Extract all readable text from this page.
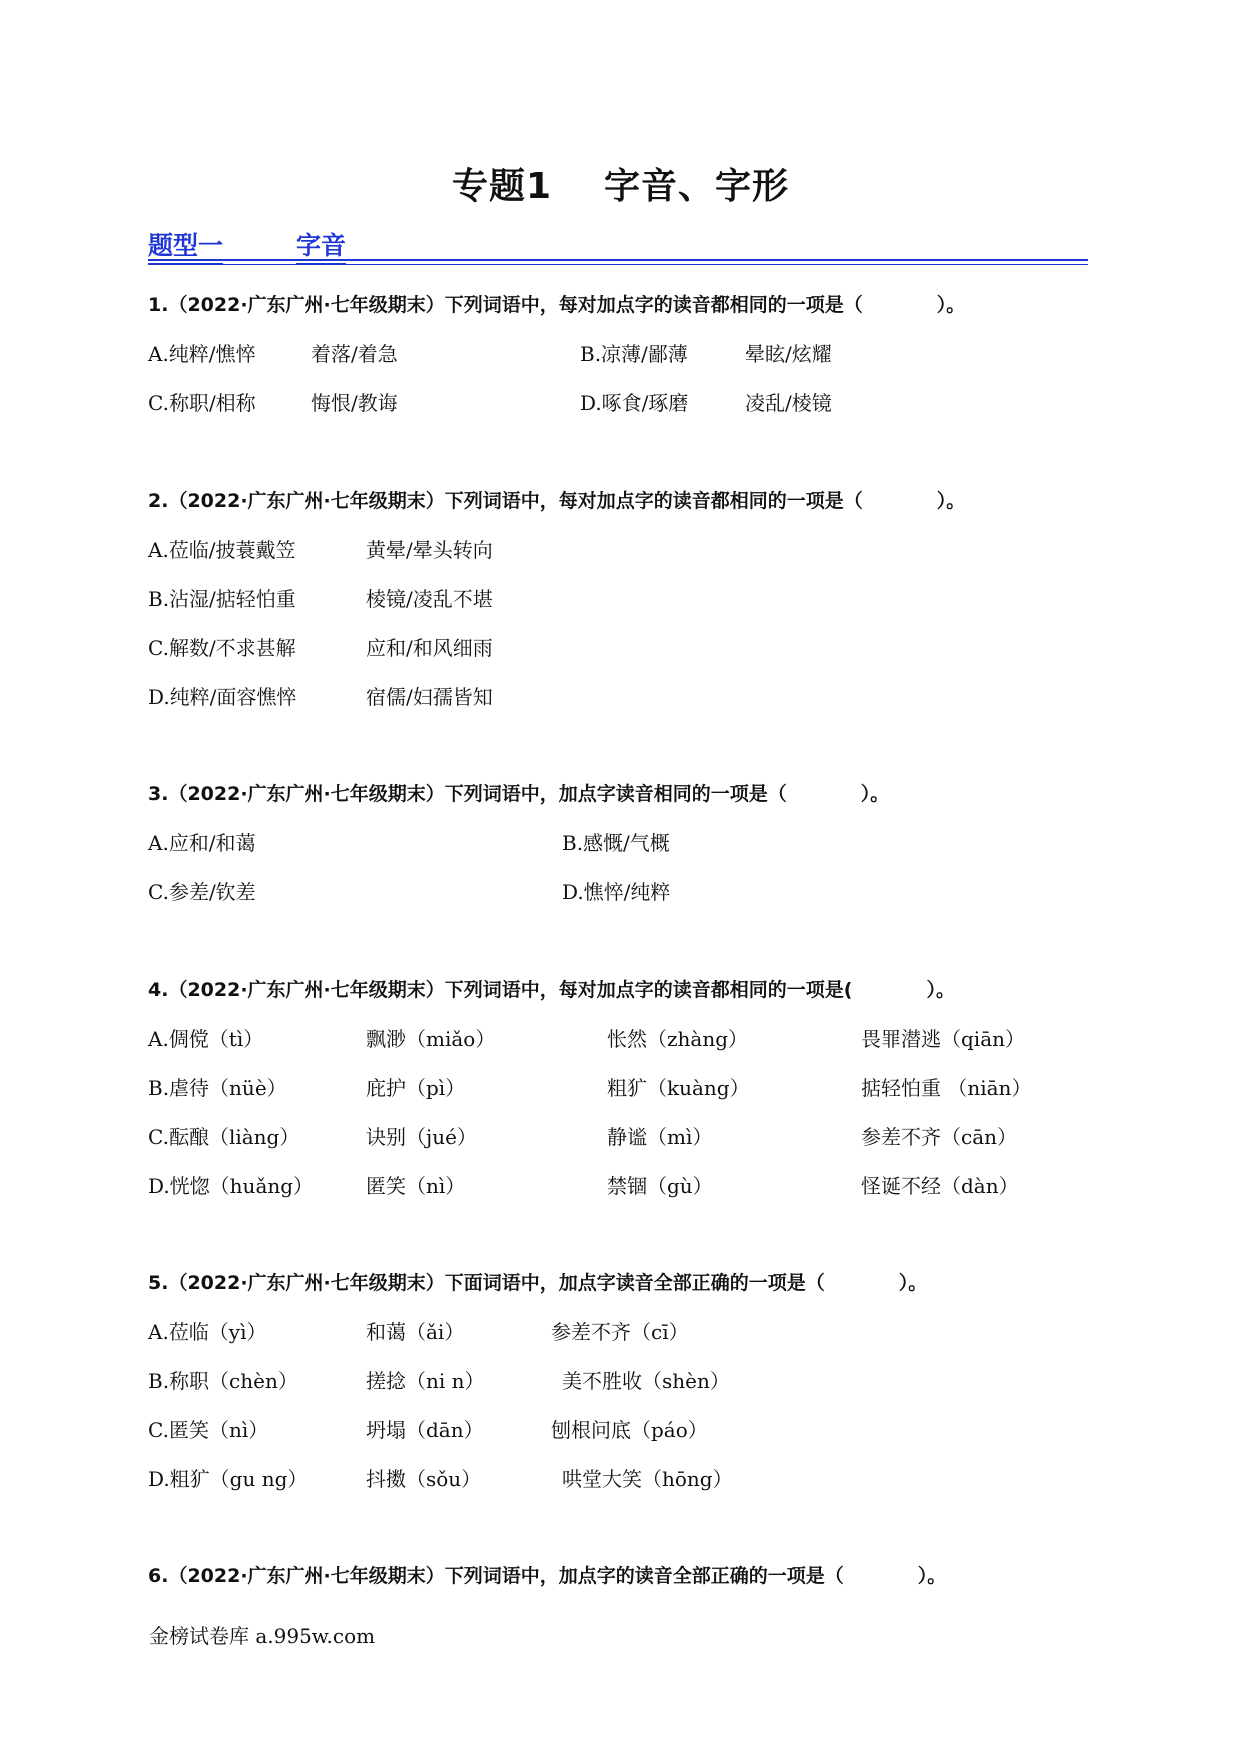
专题1 字音、字形
题型一	字音
1.（2022·广东广州·七年级期末）下列词语中，每对加点字的读音都相同的一项是（	）。
A.纯粹/憔悴	着落/着急	B.凉薄/鄙薄	晕眩/炫耀
C.称职/相称	悔恨/教诲	D.啄食/琢磨	凌乱/棱镜
2.（2022·广东广州·七年级期末）下列词语中，每对加点字的读音都相同的一项是（	）。
A.莅临/披蓑戴笠	黄晕/晕头转向
B.沾湿/掂轻怕重	棱镜/凌乱不堪
C.解数/不求甚解	应和/和风细雨
D.纯粹/面容憔悴	宿儒/妇孺皆知
3.（2022·广东广州·七年级期末）下列词语中，加点字读音相同的一项是（	）。
A.应和/和蔼	B.感慨/气概
C.参差/钦差	D.憔悴/纯粹
4.（2022·广东广州·七年级期末）下列词语中，每对加点字的读音都相同的一项是(	）。
A.倜傥（tì）	飘渺（miǎo）	怅然（zhàng）	畏罪潜逃（qiān）
B.虐待（nüè）	庇护（pì）	粗犷（kuàng）	掂轻怕重 （niān）
C.酝酿（liàng）	诀别（jué）	静谧（mì）	参差不齐（cān）
D.恍惚（huǎng）	匿笑（nì）	禁锢（gù）	怪诞不经（dàn）
5.（2022·广东广州·七年级期末）下面词语中，加点字读音全部正确的一项是（	）。
A.莅临（yì）	和蔼（ǎi）	参差不齐（cī）
B.称职（chèn）	搓捻（ni n）	美不胜收（shèn）
C.匿笑（nì）	坍塌（dān）	刨根问底（páo）
D.粗犷（gu ng）	抖擞（sǒu）	哄堂大笑（hōng）
6.（2022·广东广州·七年级期末）下列词语中，加点字的读音全部正确的一项是（	）。
金榜试卷库 a.995w.com
